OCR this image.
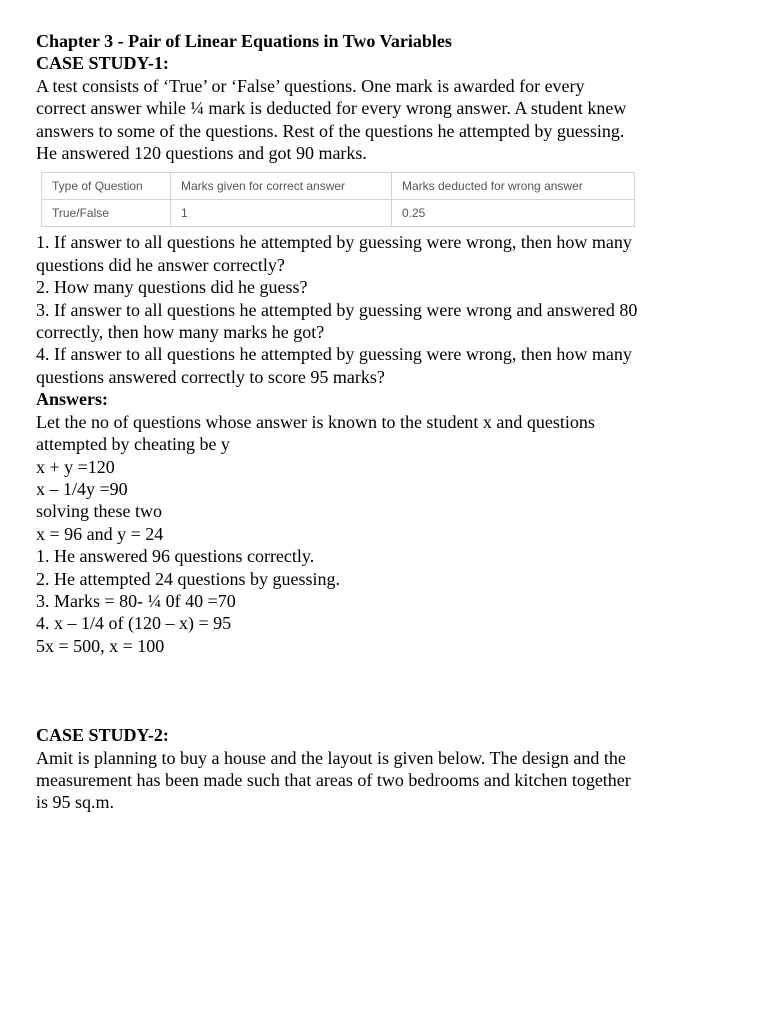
Chapter 3 - Pair of Linear Equations in Two Variables
CASE STUDY-1:
A test consists of ‘True’ or ‘False’ questions. One mark is awarded for every
correct answer while ¼ mark is deducted for every wrong answer. A student knew
answers to some of the questions. Rest of the questions he attempted by guessing.
He answered 120 questions and got 90 marks.
Type of Question	Marks given for correct answer	Marks deducted for wrong answer
True/False	1	0.25
1. If answer to all questions he attempted by guessing were wrong, then how many
questions did he answer correctly?
2. How many questions did he guess?
3. If answer to all questions he attempted by guessing were wrong and answered 80
correctly, then how many marks he got?
4. If answer to all questions he attempted by guessing were wrong, then how many
questions answered correctly to score 95 marks?
Answers:
Let the no of questions whose answer is known to the student x and questions
attempted by cheating be y
x + y =120
x – 1/4y =90
solving these two
x = 96 and y = 24
1. He answered 96 questions correctly.
2. He attempted 24 questions by guessing.
3. Marks = 80- ¼ 0f 40 =70
4. x – 1/4 of (120 – x) = 95
5x = 500, x = 100
CASE STUDY-2:
Amit is planning to buy a house and the layout is given below. The design and the
measurement has been made such that areas of two bedrooms and kitchen together
is 95 sq.m.
